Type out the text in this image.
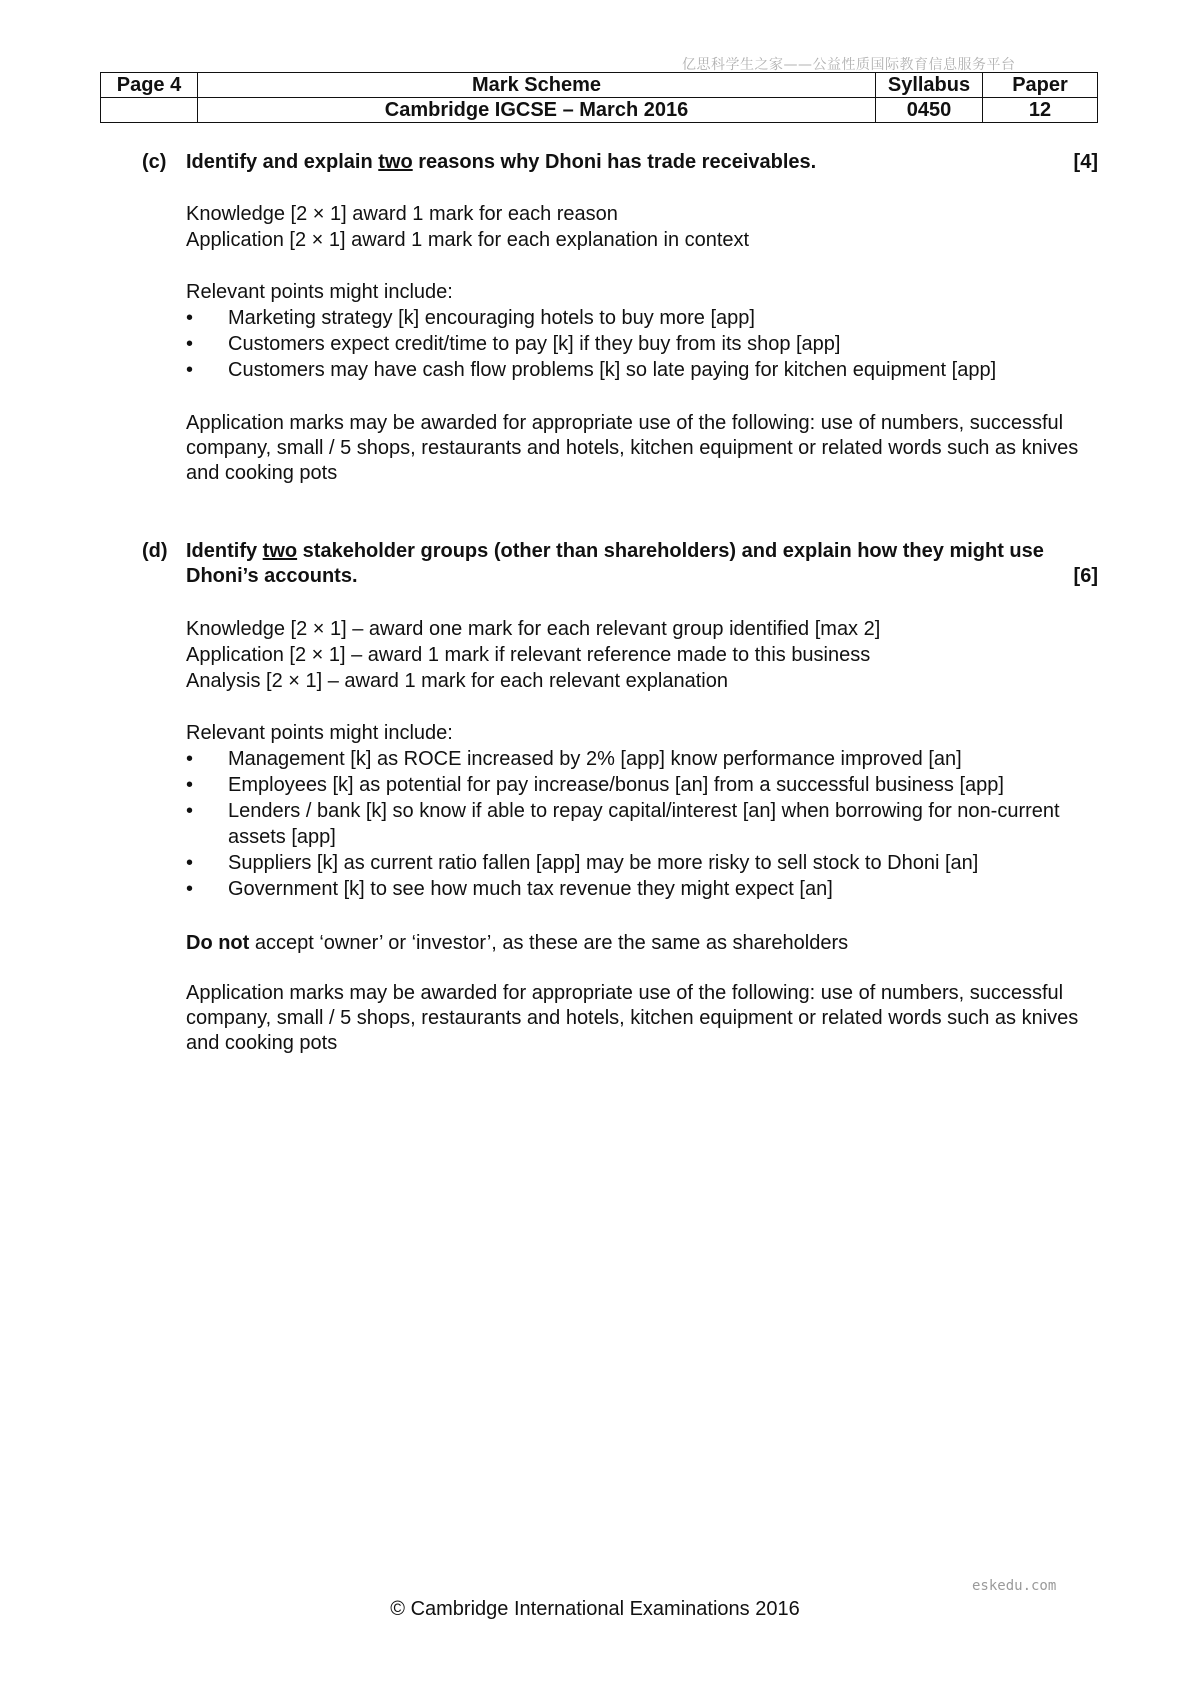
亿思科学生之家——公益性质国际教育信息服务平台
Page 4	Mark Scheme	Syllabus	Paper
	Cambridge IGCSE – March 2016	0450	12
(c) Identify and explain two reasons why Dhoni has trade receivables.	[4]

Knowledge [2 × 1] award 1 mark for each reason

Application [2 × 1] award 1 mark for each explanation in context

Relevant points might include:

• Marketing strategy [k] encouraging hotels to buy more [app]
• Customers expect credit/time to pay [k] if they buy from its shop [app]
• Customers may have cash flow problems [k] so late paying for kitchen equipment [app]

Application marks may be awarded for appropriate use of the following: use of numbers, successful company, small / 5 shops, restaurants and hotels, kitchen equipment or related words such as knives and cooking pots

(d) Identify two stakeholder groups (other than shareholders) and explain how they might use Dhoni’s accounts.	[6]

Knowledge [2 × 1] – award one mark for each relevant group identified [max 2]

Application [2 × 1] – award 1 mark if relevant reference made to this business

Analysis [2 × 1] – award 1 mark for each relevant explanation

Relevant points might include:

• Management [k] as ROCE increased by 2% [app] know performance improved [an]
• Employees [k] as potential for pay increase/bonus [an] from a successful business [app]
• Lenders / bank [k] so know if able to repay capital/interest [an] when borrowing for non-current assets [app]
• Suppliers [k] as current ratio fallen [app] may be more risky to sell stock to Dhoni [an]
• Government [k] to see how much tax revenue they might expect [an]

Do not accept ‘owner’ or ‘investor’, as these are the same as shareholders

Application marks may be awarded for appropriate use of the following: use of numbers, successful company, small / 5 shops, restaurants and hotels, kitchen equipment or related words such as knives and cooking pots

eskedu.com
© Cambridge International Examinations 2016
